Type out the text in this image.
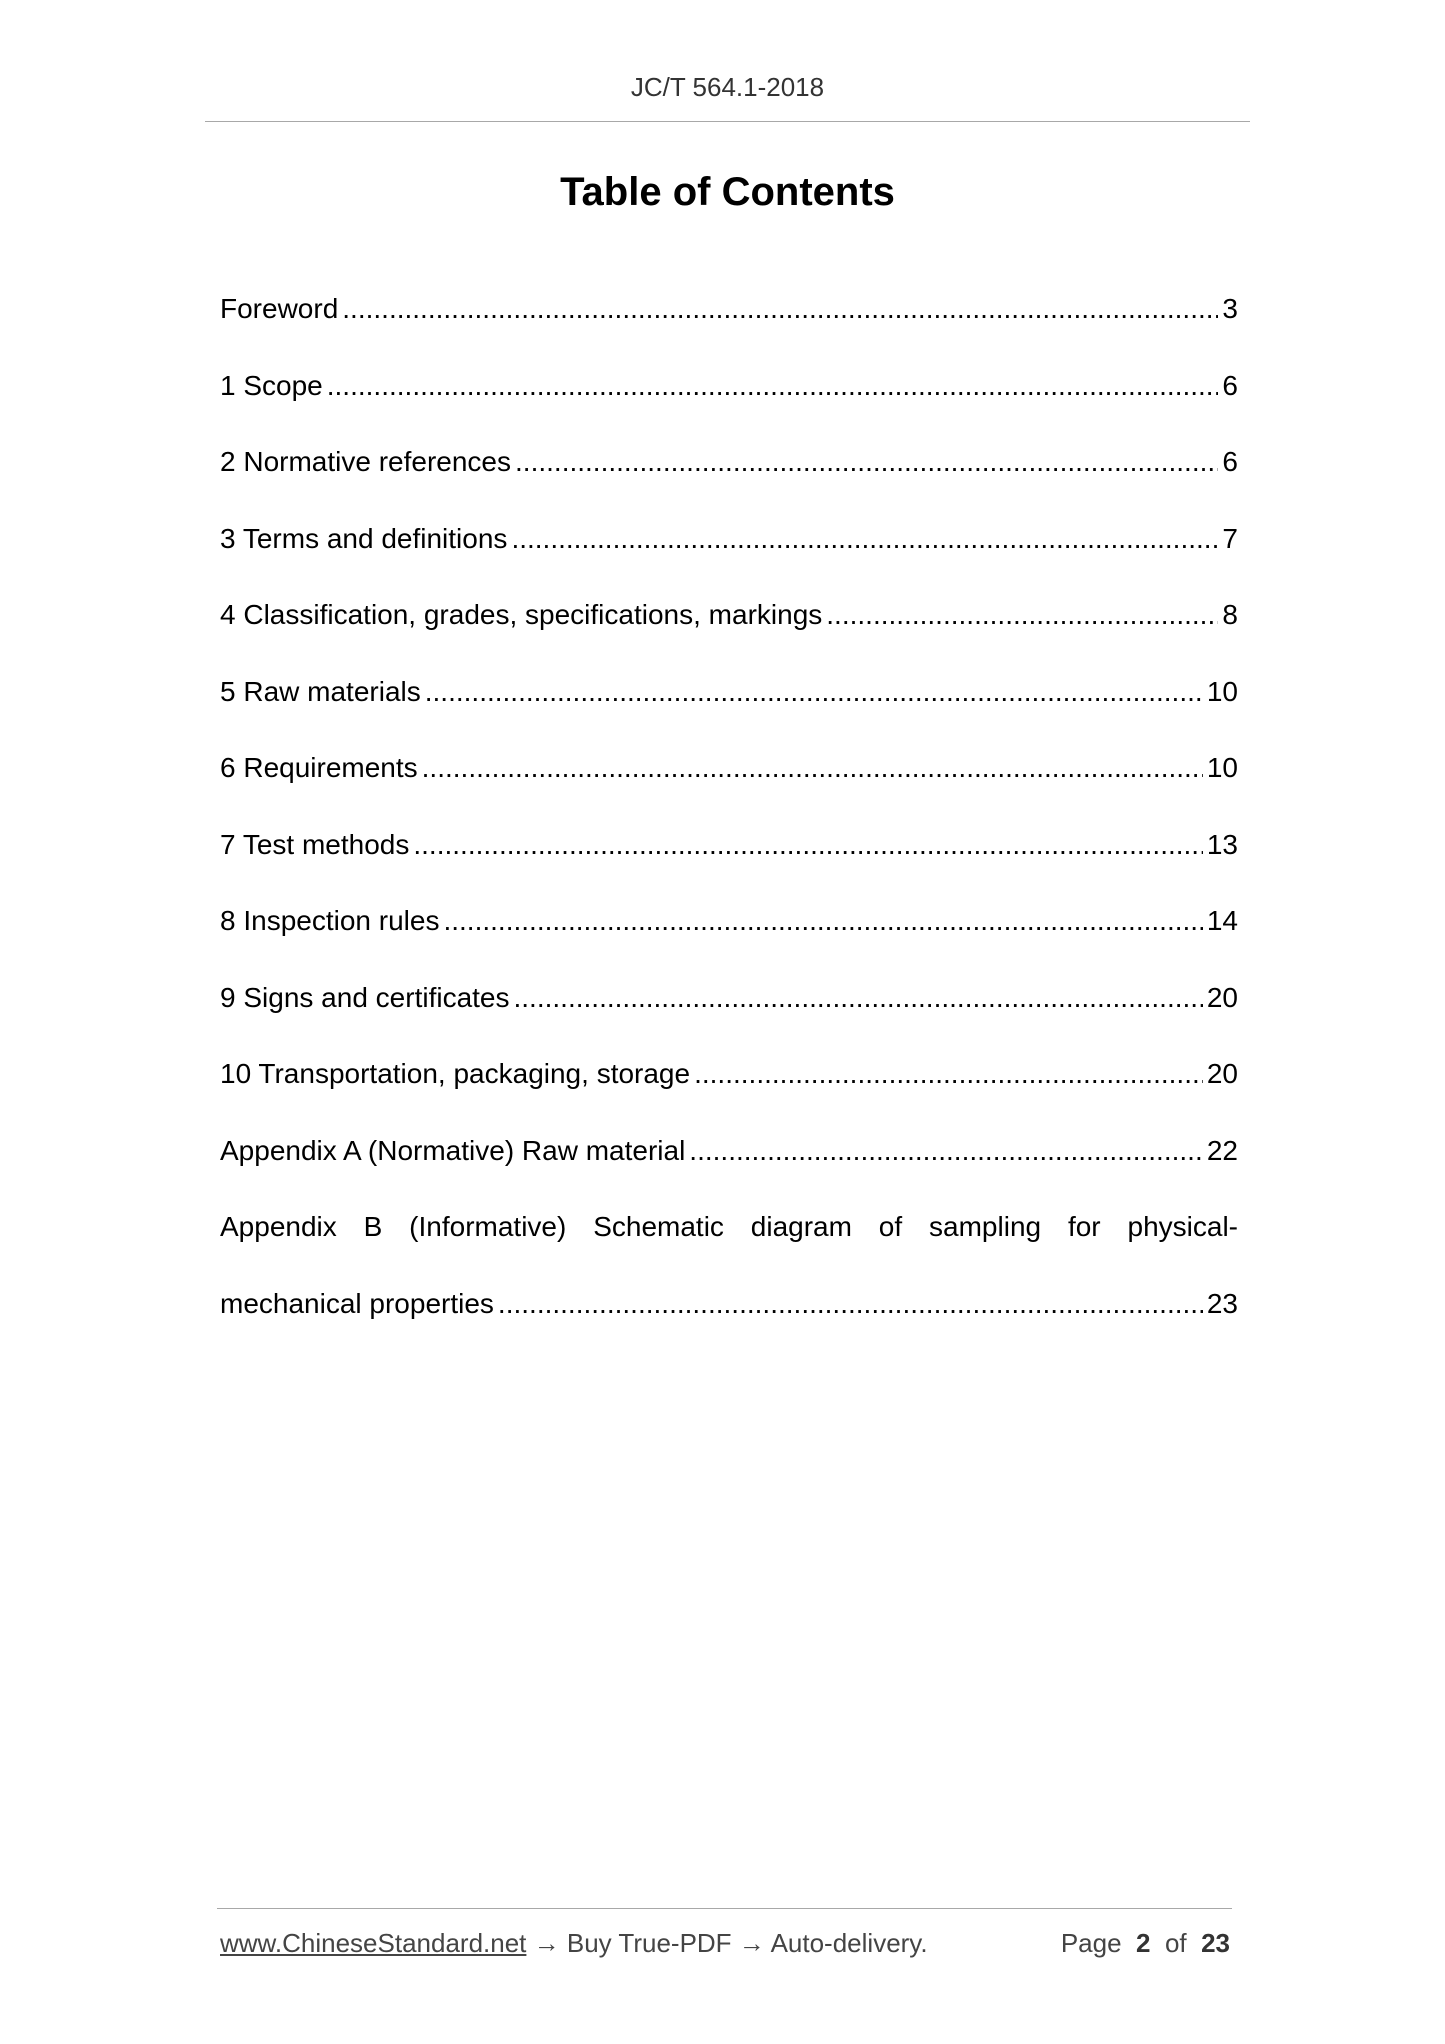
JC/T 564.1-2018
Table of Contents
Foreword .....	3
1 Scope .....	6
2 Normative references .....	6
3 Terms and definitions .....	7
4 Classification, grades, specifications, markings .....	8
5 Raw materials .....	10
6 Requirements .....	10
7 Test methods .....	13
8 Inspection rules .....	14
9 Signs and certificates .....	20
10 Transportation, packaging, storage .....	20
Appendix A (Normative) Raw material .....	22
Appendix B (Informative) Schematic diagram of sampling for physical-
mechanical properties .....	23
www.ChineseStandard.net → Buy True-PDF → Auto-delivery.	Page 2 of 23
